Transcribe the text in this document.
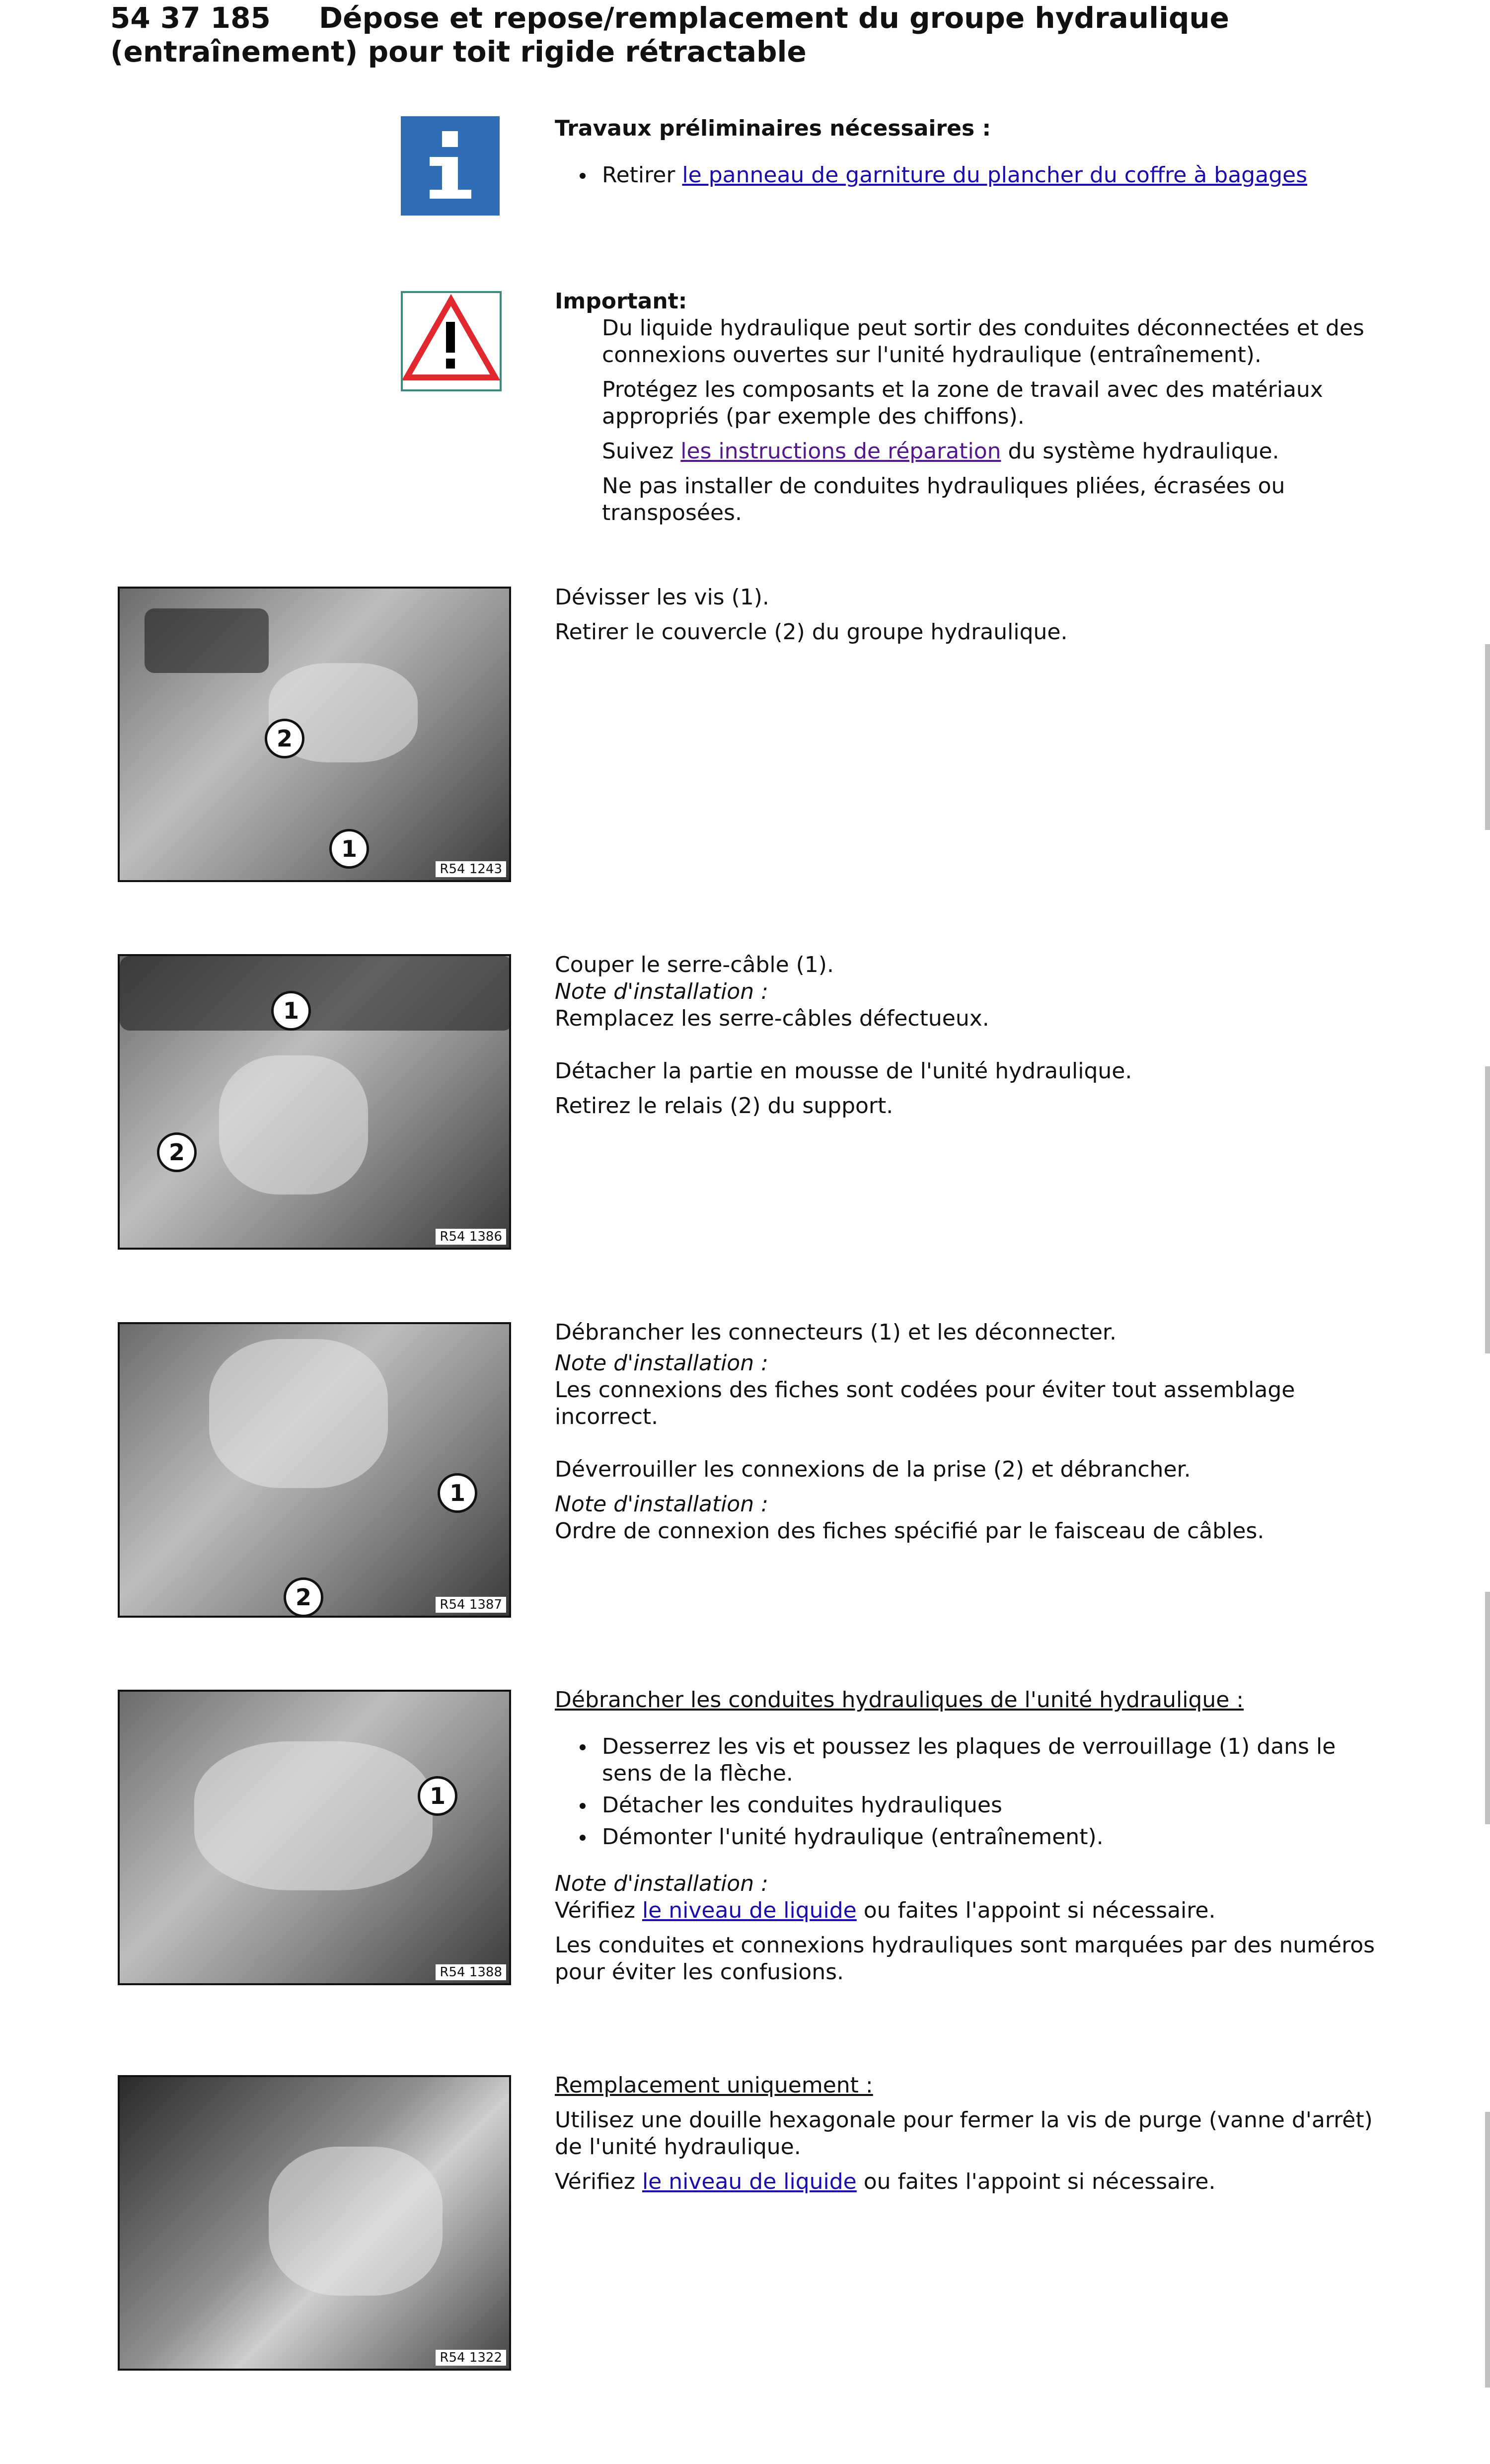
54 37 185 Dépose et repose/remplacement du groupe hydraulique (entraînement) pour toit rigide rétractable
Travaux préliminaires nécessaires :
Retirer le panneau de garniture du plancher du coffre à bagages
Important:
Du liquide hydraulique peut sortir des conduites déconnectées et des connexions ouvertes sur l'unité hydraulique (entraînement).
Protégez les composants et la zone de travail avec des matériaux appropriés (par exemple des chiffons).
Suivez les instructions de réparation du système hydraulique.
Ne pas installer de conduites hydrauliques pliées, écrasées ou transposées.
2
1
R54 1243
Dévisser les vis (1).
Retirer le couvercle (2) du groupe hydraulique.
1
2
R54 1386
Couper le serre-câble (1).
Note d'installation :
Remplacez les serre-câbles défectueux.
Détacher la partie en mousse de l'unité hydraulique.
Retirez le relais (2) du support.
1
2	R54 1387
Débrancher les connecteurs (1) et les déconnecter.
Note d'installation :
Les connexions des fiches sont codées pour éviter tout assemblage incorrect.
Déverrouiller les connexions de la prise (2) et débrancher.
Note d'installation :
Ordre de connexion des fiches spécifié par le faisceau de câbles.
1
R54 1388
Débrancher les conduites hydrauliques de l'unité hydraulique :
Desserrez les vis et poussez les plaques de verrouillage (1) dans le sens de la flèche.
Détacher les conduites hydrauliques
Démonter l'unité hydraulique (entraînement).
Note d'installation :
Vérifiez le niveau de liquide ou faites l'appoint si nécessaire.
Les conduites et connexions hydrauliques sont marquées par des numéros pour éviter les confusions.
R54 1322
Remplacement uniquement :
Utilisez une douille hexagonale pour fermer la vis de purge (vanne d'arrêt) de l'unité hydraulique.
Vérifiez le niveau de liquide ou faites l'appoint si nécessaire.
